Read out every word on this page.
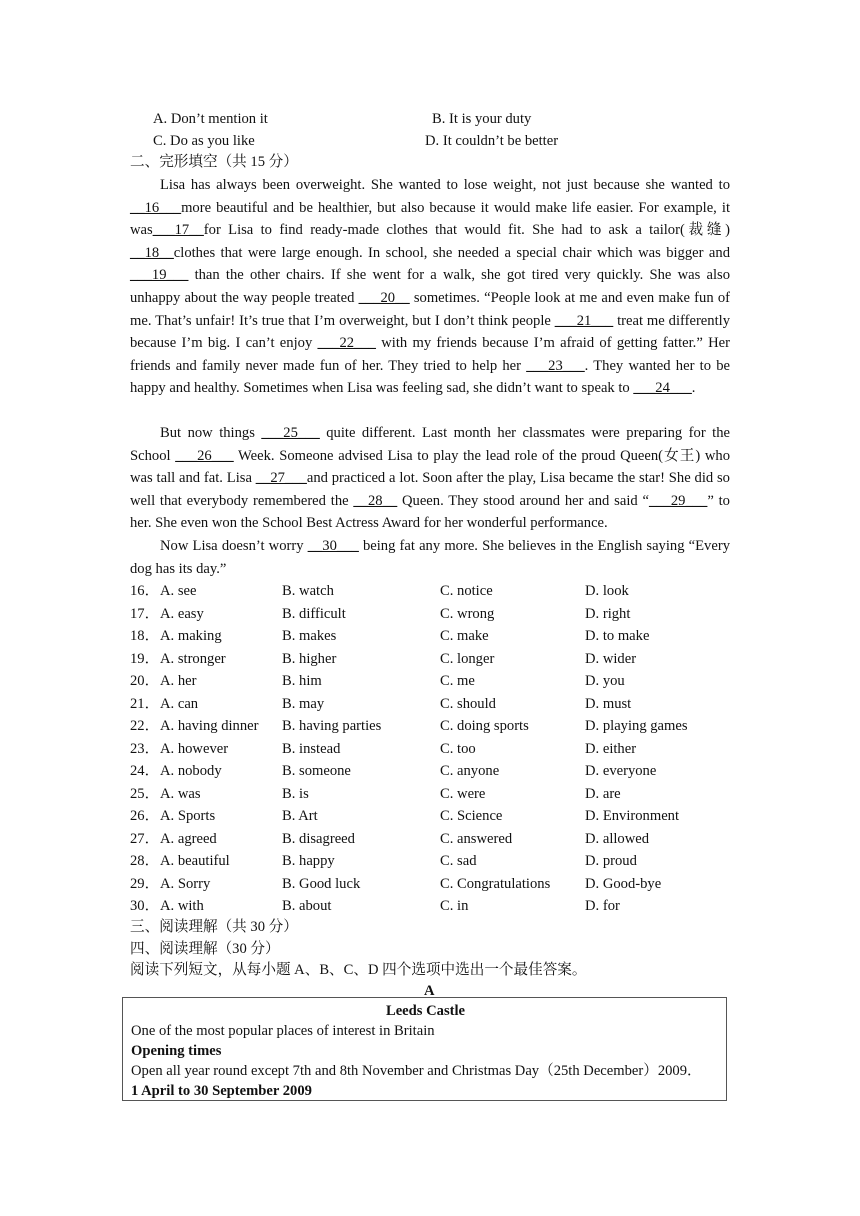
A. Don’t mention it	B. It is your duty
C. Do as you like	D. It couldn’t be better
二、完形填空（共 15 分）
Lisa has always been overweight. She wanted to lose weight, not just because she wanted to __16___more beautiful and be healthier, but also because it would make life easier. For example, it was___17__for Lisa to find ready-made clothes that would fit. She had to ask a tailor(裁缝) __18__clothes that were large enough. In school, she needed a special chair which was bigger and ___19___ than the other chairs. If she went for a walk, she got tired very quickly. She was also unhappy about the way people treated ___20__ sometimes. “People look at me and even make fun of me. That’s unfair! It’s true that I’m overweight, but I don’t think people ___21___ treat me differently because I’m big. I can’t enjoy ___22___ with my friends because I’m afraid of getting fatter.” Her friends and family never made fun of her. They tried to help her ___23___. They wanted her to be happy and healthy. Sometimes when Lisa was feeling sad, she didn’t want to speak to ___24___.
But now things ___25___ quite different. Last month her classmates were preparing for the School ___26___ Week. Someone advised Lisa to play the lead role of the proud Queen(女王) who was tall and fat. Lisa __27___and practiced a lot. Soon after the play, Lisa became the star! She did so well that everybody remembered the __28__ Queen. They stood around her and said “___29___” to her. She even won the School Best Actress Award for her wonderful performance.
Now Lisa doesn’t worry __30___ being fat any more. She believes in the English saying “Every dog has its day.”
16． A. see	B. watch	C. notice	D. look
17． A. easy	B. difficult	C. wrong	D. right
18． A. making	B. makes	C. make	D. to make
19． A. stronger	B. higher	C. longer	D. wider
20． A. her	B. him	C. me	D. you
21． A. can	B. may	C. should	D. must
22． A. having dinner B. having parties	C. doing sports	D. playing games
23． A. however	B. instead	C. too	D. either
24． A. nobody	B. someone	C. anyone	D. everyone
25． A. was	B. is	C. were	D. are
26． A. Sports	B. Art	C. Science	D. Environment
27． A. agreed	B. disagreed	C. answered	D. allowed
28． A. beautiful	B. happy	C. sad	D. proud
29． A. Sorry	B. Good luck	C. Congratulations D. Good-bye
30． A. with	B. about	C. in	D. for
三、阅读理解（共 30 分）
四、阅读理解（30 分）
阅读下列短文，从每小题 A、B、C、D 四个选项中选出一个最佳答案。
A
Leeds Castle
One of the most popular places of interest in Britain
Opening times
Open all year round except 7th and 8th November and Christmas Day（25th December）2009．
1 April to 30 September 2009
